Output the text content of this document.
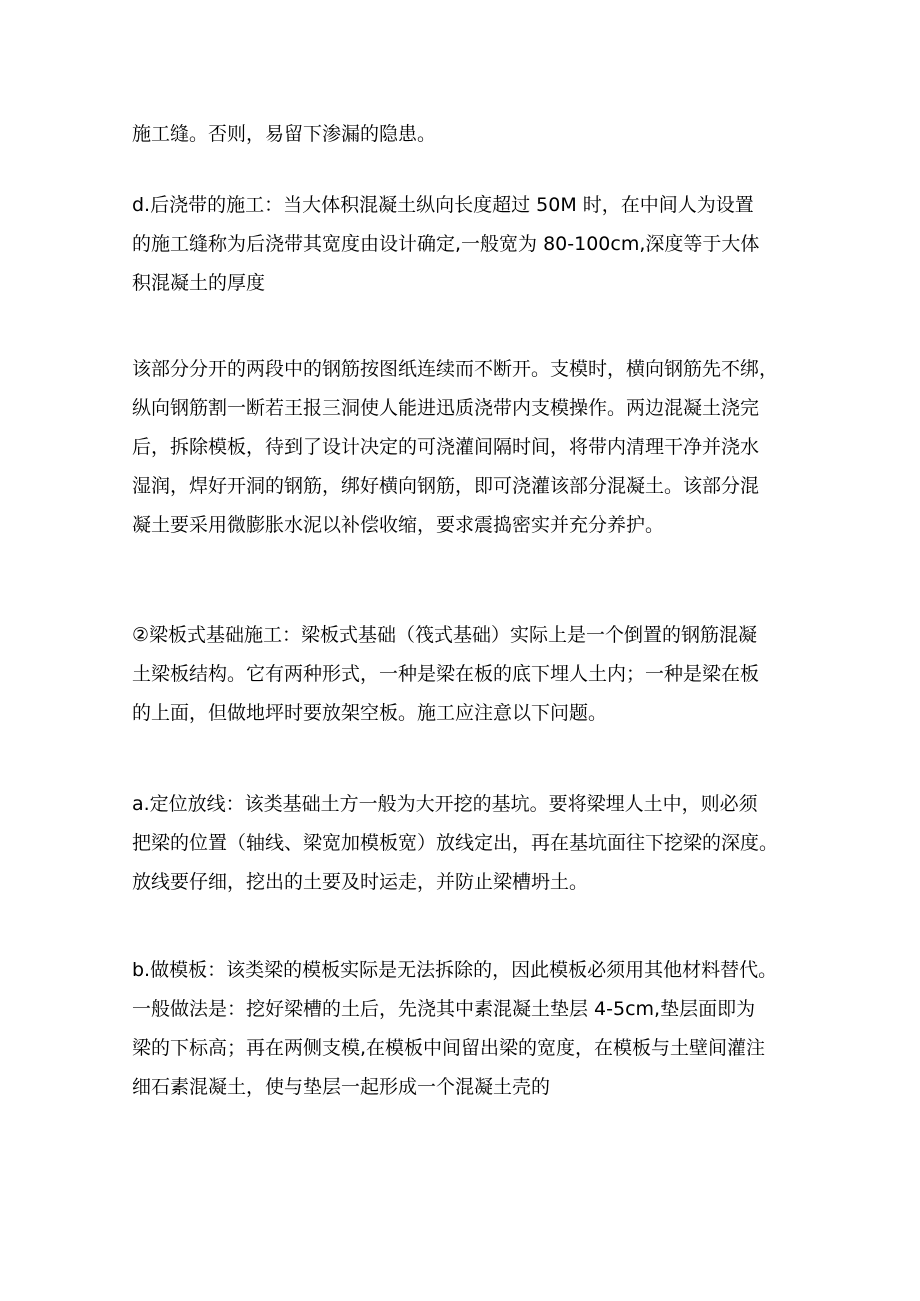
施工缝。否则，易留下渗漏的隐患。

d.后浇带的施工：当大体积混凝土纵向长度超过 50M 时，在中间人为设置
的施工缝称为后浇带其宽度由设计确定,一般宽为 80-100cm,深度等于大体
积混凝土的厚度

该部分分开的两段中的钢筋按图纸连续而不断开。支模时，横向钢筋先不绑，
纵向钢筋割一断若王报三洞使人能进迅质浇带内支模操作。两边混凝土浇完
后，拆除模板，待到了设计决定的可浇灌间隔时间，将带内清理干净并浇水
湿润，焊好开洞的钢筋，绑好横向钢筋，即可浇灌该部分混凝土。该部分混
凝土要采用微膨胀水泥以补偿收缩，要求震捣密实并充分养护。

②梁板式基础施工：梁板式基础（筏式基础）实际上是一个倒置的钢筋混凝
土梁板结构。它有两种形式，一种是梁在板的底下埋人土内；一种是梁在板
的上面，但做地坪时要放架空板。施工应注意以下问题。

a.定位放线：该类基础土方一般为大开挖的基坑。要将梁埋人土中，则必须
把梁的位置（轴线、梁宽加模板宽）放线定出，再在基坑面往下挖梁的深度。
放线要仔细，挖出的土要及时运走，并防止梁槽坍土。

b.做模板：该类梁的模板实际是无法拆除的，因此模板必须用其他材料替代。
一般做法是：挖好梁槽的土后，先浇其中素混凝土垫层 4-5cm,垫层面即为
梁的下标高；再在两侧支模,在模板中间留出梁的宽度，在模板与土壁间灌注
细石素混凝土，使与垫层一起形成一个混凝土壳的
